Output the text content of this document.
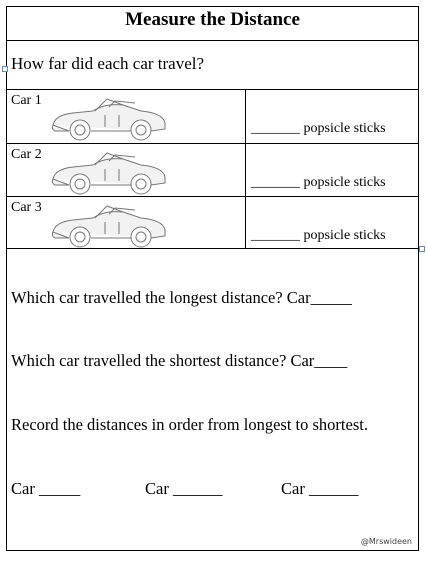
Measure the Distance
How far did each car travel?
Car 1
_______ popsicle sticks
Car 2
_______ popsicle sticks
Car 3
_______ popsicle sticks
Which car travelled the longest distance? Car_____
Which car travelled the shortest distance? Car____
Record the distances in order from longest to shortest.
Car _____	Car ______	Car ______
@Mrswideen
